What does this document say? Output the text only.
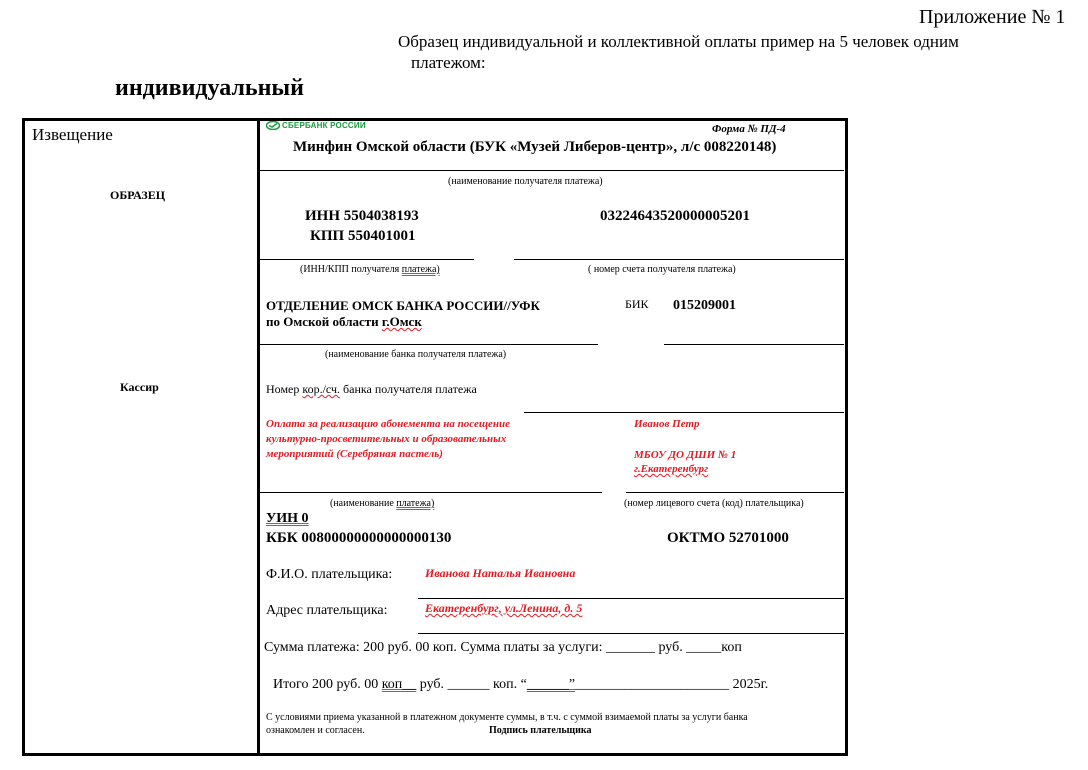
Приложение № 1
Образец индивидуальной и коллективной оплаты пример на 5 человек одним
платежом:
индивидуальный
Извещение
ОБРАЗЕЦ
Кассир
СБЕРБАНК РОССИИ	Форма № ПД-4
Минфин Омской области (БУК «Музей Либеров-центр», л/с 008220148)
(наименование получателя платежа)
ИНН 5504038193
КПП 550401001
03224643520000005201
(ИНН/КПП получателя платежа)	( номер счета получателя платежа)
ОТДЕЛЕНИЕ ОМСК БАНКА РОССИИ//УФК
по Омской области г.Омск
БИК 015209001
(наименование банка получателя платежа)
Номер кор./сч. банка получателя платежа
Оплата за реализацию абонемента на посещение
культурно-просветительных и образовательных
мероприятий (Серебряная пастель)
Иванов Петр
МБОУ ДО ДШИ № 1
г.Екатеренбург
(наименование платежа)	(номер лицевого счета (код) плательщика)
УИН 0
КБК 00800000000000000130	ОКТМО 52701000
Ф.И.О. плательщика:	Иванова Наталья Ивановна
Адрес плательщика:	Екатеренбург, ул.Ленина, д. 5
Сумма платежа: 200 руб. 00 коп. Сумма платы за услуги: _______ руб. _____коп
Итого 200 руб. 00 коп__ руб. ______ коп. “______”______________________ 2025г.
С условиями приема указанной в платежном документе суммы, в т.ч. с суммой взимаемой платы за услуги банка
ознакомлен и согласен.	Подпись плательщика
